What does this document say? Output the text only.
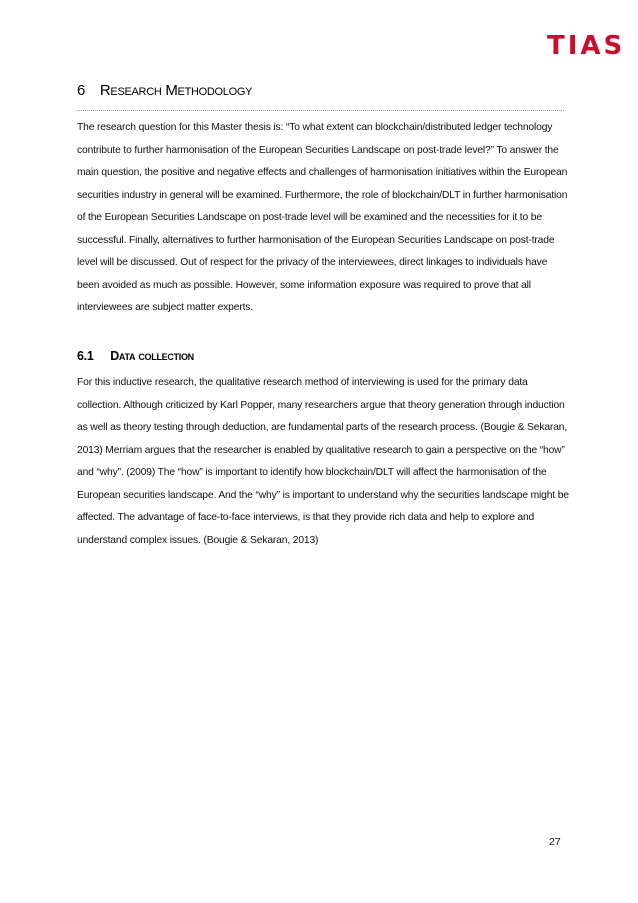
TIAS
6 Research Methodology

The research question for this Master thesis is: “To what extent can blockchain/distributed ledger technology contribute to further harmonisation of the European Securities Landscape on post-trade level?” To answer the main question, the positive and negative effects and challenges of harmonisation initiatives within the European securities industry in general will be examined. Furthermore, the role of blockchain/DLT in further harmonisation of the European Securities Landscape on post-trade level will be examined and the necessities for it to be successful. Finally, alternatives to further harmonisation of the European Securities Landscape on post-trade level will be discussed. Out of respect for the privacy of the interviewees, direct linkages to individuals have been avoided as much as possible. However, some information exposure was required to prove that all interviewees are subject matter experts.

6.1 Data collection

For this inductive research, the qualitative research method of interviewing is used for the primary data collection. Although criticized by Karl Popper, many researchers argue that theory generation through induction as well as theory testing through deduction, are fundamental parts of the research process. (Bougie & Sekaran, 2013) Merriam argues that the researcher is enabled by qualitative research to gain a perspective on the “how” and “why”. (2009) The “how” is important to identify how blockchain/DLT will affect the harmonisation of the European securities landscape. And the “why” is important to understand why the securities landscape might be affected. The advantage of face-to-face interviews, is that they provide rich data and help to explore and understand complex issues. (Bougie & Sekaran, 2013)

27
